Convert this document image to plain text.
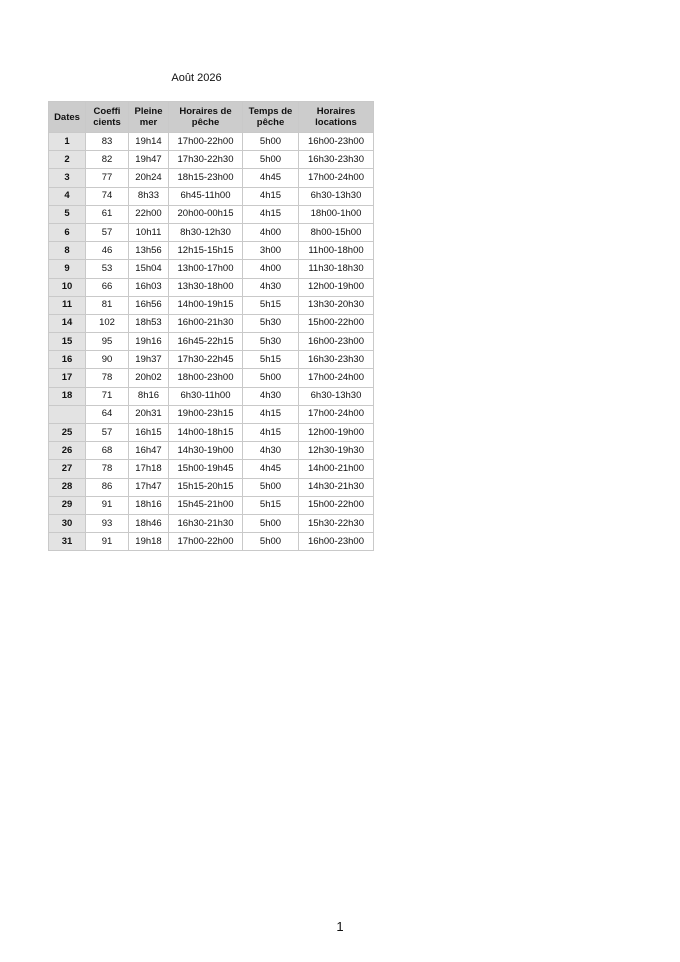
Août 2026
Dates	Coeffi cients	Pleine mer	Horaires de pêche	Temps de pêche	Horaires locations
1	83	19h14	17h00-22h00	5h00	16h00-23h00
2	82	19h47	17h30-22h30	5h00	16h30-23h30
3	77	20h24	18h15-23h00	4h45	17h00-24h00
4	74	8h33	6h45-11h00	4h15	6h30-13h30
5	61	22h00	20h00-00h15	4h15	18h00-1h00
6	57	10h11	8h30-12h30	4h00	8h00-15h00
8	46	13h56	12h15-15h15	3h00	11h00-18h00
9	53	15h04	13h00-17h00	4h00	11h30-18h30
10	66	16h03	13h30-18h00	4h30	12h00-19h00
11	81	16h56	14h00-19h15	5h15	13h30-20h30
14	102	18h53	16h00-21h30	5h30	15h00-22h00
15	95	19h16	16h45-22h15	5h30	16h00-23h00
16	90	19h37	17h30-22h45	5h15	16h30-23h30
17	78	20h02	18h00-23h00	5h00	17h00-24h00
18	71	8h16	6h30-11h00	4h30	6h30-13h30
	64	20h31	19h00-23h15	4h15	17h00-24h00
25	57	16h15	14h00-18h15	4h15	12h00-19h00
26	68	16h47	14h30-19h00	4h30	12h30-19h30
27	78	17h18	15h00-19h45	4h45	14h00-21h00
28	86	17h47	15h15-20h15	5h00	14h30-21h30
29	91	18h16	15h45-21h00	5h15	15h00-22h00
30	93	18h46	16h30-21h30	5h00	15h30-22h30
31	91	19h18	17h00-22h00	5h00	16h00-23h00
1
